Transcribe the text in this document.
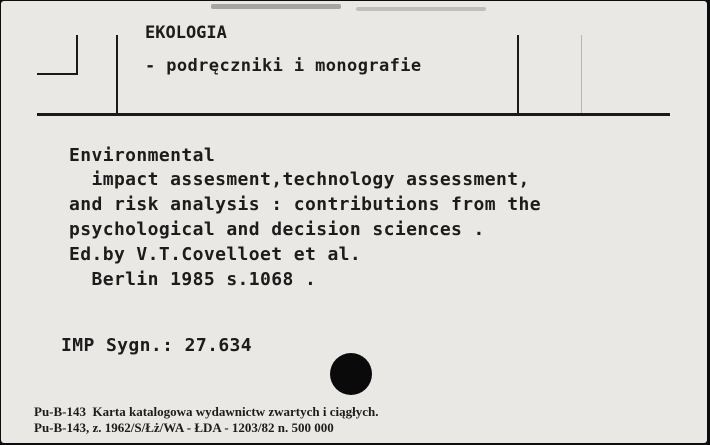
EKOLOGIA
- podręczniki i monografie
Environmental
impact assesment,technology assessment,
and risk analysis : contributions from the
psychological and decision sciences .
Ed.by V.T.Covelloet et al.
Berlin 1985 s.1068 .
IMP Sygn.: 27.634
Pu-B-143  Karta katalogowa wydawnictw zwartych i ciągłych.
Pu-B-143, z. 1962/S/Łż/WA - ŁDA - 1203/82 n. 500 000
